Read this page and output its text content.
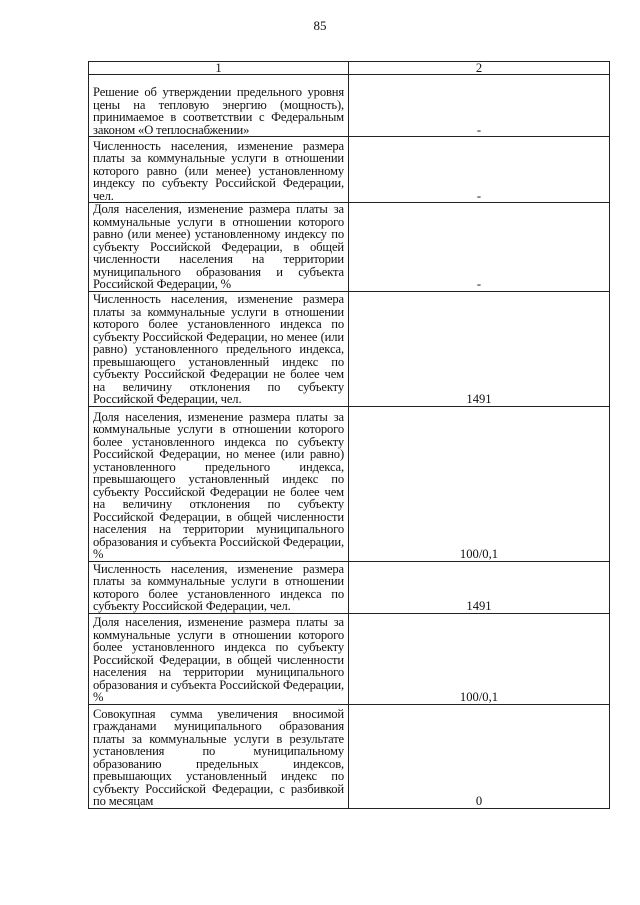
85
1	2
Решение об утверждении предельного уровня цены на тепловую энергию (мощность), принимаемое в соответствии с Федеральным законом «О теплоснабжении»	-
Численность населения, изменение размера платы за коммунальные услуги в отношении которого равно (или менее) установленному индексу по субъекту Российской Федерации, чел.	-
Доля населения, изменение размера платы за коммунальные услуги в отношении которого равно (или менее) установленному индексу по субъекту Российской Федерации, в общей численности населения на территории муниципального образования и субъекта Российской Федерации, %	-
Численность населения, изменение размера платы за коммунальные услуги в отношении которого более установленного индекса по субъекту Российской Федерации, но менее (или равно) установленного предельного индекса, превышающего установленный индекс по субъекту Российской Федерации не более чем на величину отклонения по субъекту Российской Федерации, чел.	1491
Доля населения, изменение размера платы за коммунальные услуги в отношении которого более установленного индекса по субъекту Российской Федерации, но менее (или равно) установленного предельного индекса, превышающего установленный индекс по субъекту Российской Федерации не более чем на величину отклонения по субъекту Российской Федерации, в общей численности населения на территории муниципального образования и субъекта Российской Федерации, %	100/0,1
Численность населения, изменение размера платы за коммунальные услуги в отношении которого более установленного индекса по субъекту Российской Федерации, чел.	1491
Доля населения, изменение размера платы за коммунальные услуги в отношении которого более установленного индекса по субъекту Российской Федерации, в общей численности населения на территории муниципального образования и субъекта Российской Федерации, %	100/0,1
Совокупная сумма увеличения вносимой гражданами муниципального образования платы за коммунальные услуги в результате установления по муниципальному образованию предельных индексов, превышающих установленный индекс по субъекту Российской Федерации, с разбивкой по месяцам	0
